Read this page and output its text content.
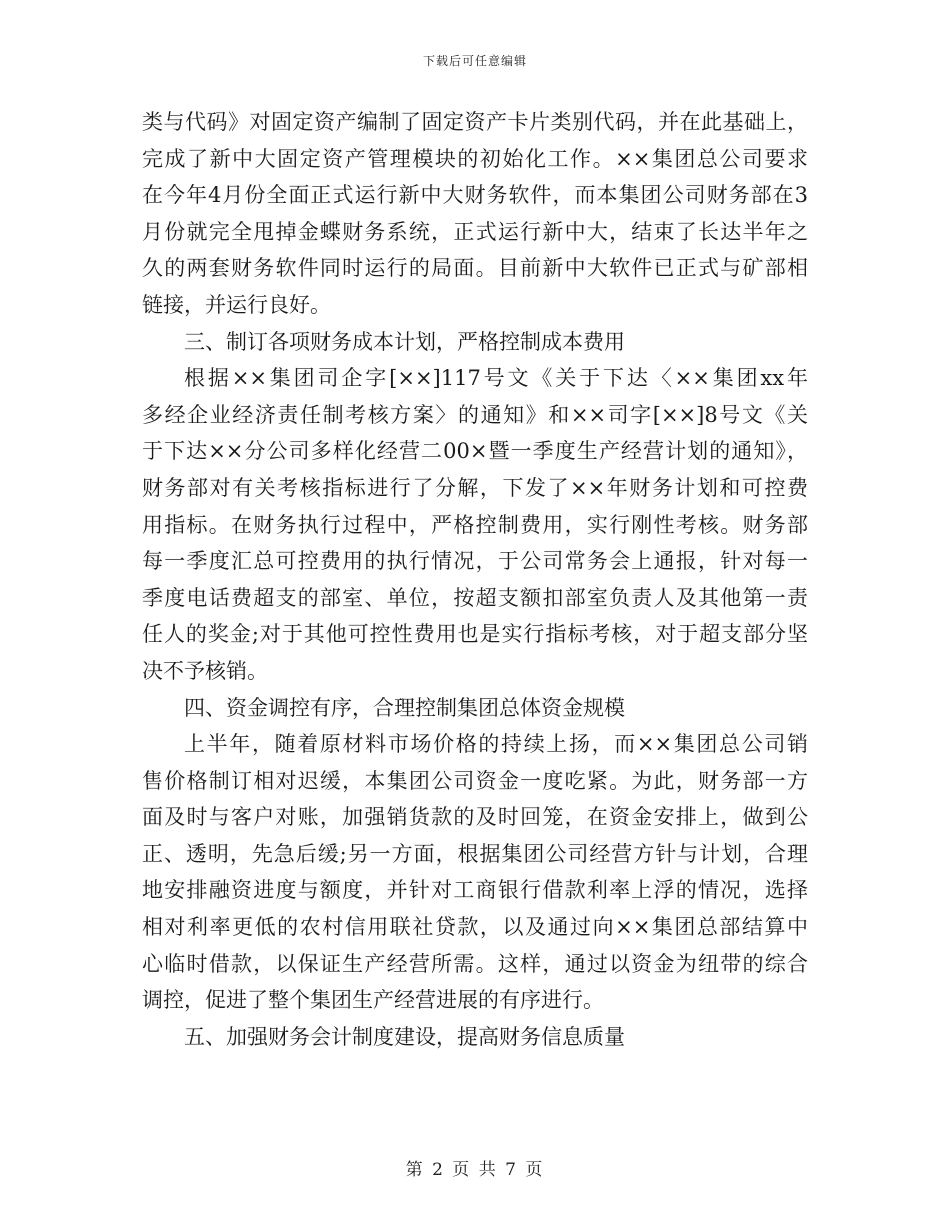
下载后可任意编辑
类与代码》对固定资产编制了固定资产卡片类别代码，并在此基础上，
完成了新中大固定资产管理模块的初始化工作。××集团总公司要求
在今年4月份全面正式运行新中大财务软件，而本集团公司财务部在3
月份就完全甩掉金蝶财务系统，正式运行新中大，结束了长达半年之
久的两套财务软件同时运行的局面。目前新中大软件已正式与矿部相
链接，并运行良好。
三、制订各项财务成本计划，严格控制成本费用
根据××集团司企字[××]117号文《关于下达〈××集团xx年
多经企业经济责任制考核方案〉的通知》和××司字[××]8号文《关
于下达××分公司多样化经营二00×暨一季度生产经营计划的通知》，
财务部对有关考核指标进行了分解，下发了××年财务计划和可控费
用指标。在财务执行过程中，严格控制费用，实行刚性考核。财务部
每一季度汇总可控费用的执行情况，于公司常务会上通报，针对每一
季度电话费超支的部室、单位，按超支额扣部室负责人及其他第一责
任人的奖金;对于其他可控性费用也是实行指标考核，对于超支部分坚
决不予核销。
四、资金调控有序，合理控制集团总体资金规模
上半年，随着原材料市场价格的持续上扬，而××集团总公司销
售价格制订相对迟缓，本集团公司资金一度吃紧。为此，财务部一方
面及时与客户对账，加强销货款的及时回笼，在资金安排上，做到公
正、透明，先急后缓;另一方面，根据集团公司经营方针与计划，合理
地安排融资进度与额度，并针对工商银行借款利率上浮的情况，选择
相对利率更低的农村信用联社贷款，以及通过向××集团总部结算中
心临时借款，以保证生产经营所需。这样，通过以资金为纽带的综合
调控，促进了整个集团生产经营进展的有序进行。
五、加强财务会计制度建设，提高财务信息质量
第 2 页 共 7 页
